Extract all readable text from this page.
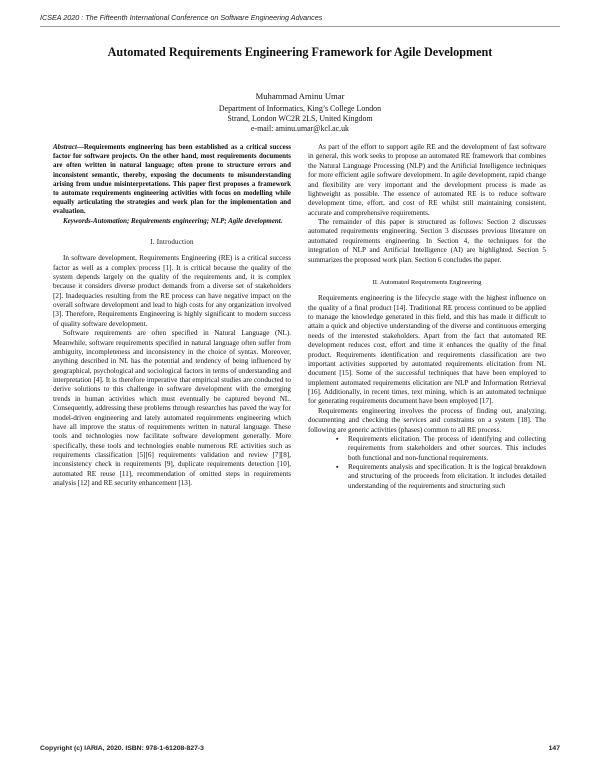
ICSEA 2020 : The Fifteenth International Conference on Software Engineering Advances
Automated Requirements Engineering Framework for Agile Development
Muhammad Aminu Umar
Department of Informatics, King’s College London
Strand, London WC2R 2LS, United Kingdom
e-mail: aminu.umar@kcl.ac.uk

Abstract—Requirements engineering has been established as a critical success factor for software projects. On the other hand, most requirements documents are often written in natural language; often prone to structure errors and inconsistent semantic, thereby, exposing the documents to misunderstanding arising from undue misinterpretations. This paper first proposes a framework to automate requirements engineering activities with focus on modelling while equally articulating the strategies and work plan for the implementation and evaluation.

Keywords-Automation; Requirements engineering; NLP; Agile development.

I. Introduction

In software development, Requirements Engineering (RE) is a critical success factor as well as a complex process [1]. It is critical because the quality of the system depends largely on the quality of the requirements and, it is complex because it considers diverse product demands from a diverse set of stakeholders [2]. Inadequacies resulting from the RE process can have negative impact on the overall software development and lead to high costs for any organization involved [3]. Therefore, Requirements Engineering is highly significant to modern success of quality software development.

Software requirements are often specified in Natural Language (NL). Meanwhile, software requirements specified in natural language often suffer from ambiguity, incompleteness and inconsistency in the choice of syntax. Moreover, anything described in NL has the potential and tendency of being influenced by geographical, psychological and sociological factors in terms of understanding and interpretation [4]. It is therefore imperative that empirical studies are conducted to derive solutions to this challenge in software development with the emerging trends in human activities which must eventually be captured beyond NL. Consequently, addressing these problems through researches has paved the way for model-driven engineering and lately automated requirements engineering which have all improve the status of requirements written in natural language. These tools and technologies now facilitate software development generally. More specifically, these tools and technologies enable numerous RE activities such as requirements classification [5][6] requirements validation and review [7][8], inconsistency check in requirements [9], duplicate requirements detection [10], automated RE reuse [11], recommendation of omitted steps in requirements analysis [12] and RE security enhancement [13].

As part of the effort to support agile RE and the development of fast software in general, this work seeks to propose an automated RE framework that combines the Natural Language Processing (NLP) and the Artificial Intelligence techniques for more efficient agile software development. In agile development, rapid change and flexibility are very important and the development process is made as lightweight as possible. The essence of automated RE is to reduce software development time, effort, and cost of RE whilst still maintaining consistent, accurate and comprehensive requirements.

The remainder of this paper is structured as follows: Section 2 discusses automated requirements engineering. Section 3 discusses previous literature on automated requirements engineering. In Section 4, the techniques for the integration of NLP and Artificial Intelligence (AI) are highlighted. Section 5 summarizes the proposed work plan. Section 6 concludes the paper.

II. Automated Requirements Engineering

Requirements engineering is the lifecycle stage with the highest influence on the quality of a final product [14]. Traditional RE process continued to be applied to manage the knowledge generated in this field, and this has made it difficult to attain a quick and objective understanding of the diverse and continuous emerging needs of the interested stakeholders. Apart from the fact that automated RE development reduces cost, effort and time it enhances the quality of the final product. Requirements identification and requirements classification are two important activities supported by automated requirements elicitation from NL document [15]. Some of the successful techniques that have been employed to implement automated requirements elicitation are NLP and Information Retrieval [16]. Additionally, in recent times, text mining, which is an automated technique for generating requirements document have been employed [17].

Requirements engineering involves the process of finding out, analyzing, documenting and checking the services and constraints on a system [18]. The following are generic activities (phases) common to all RE process.

▪ Requirements elicitation. The process of identifying and collecting requirements from stakeholders and other sources. This includes both functional and non-functional requirements.
▪ Requirements analysis and specification. It is the logical breakdown and structuring of the proceeds from elicitation. It includes detailed understanding of the requirements and structuring such
Copyright (c) IARIA, 2020. ISBN: 978-1-61208-827-3	147
